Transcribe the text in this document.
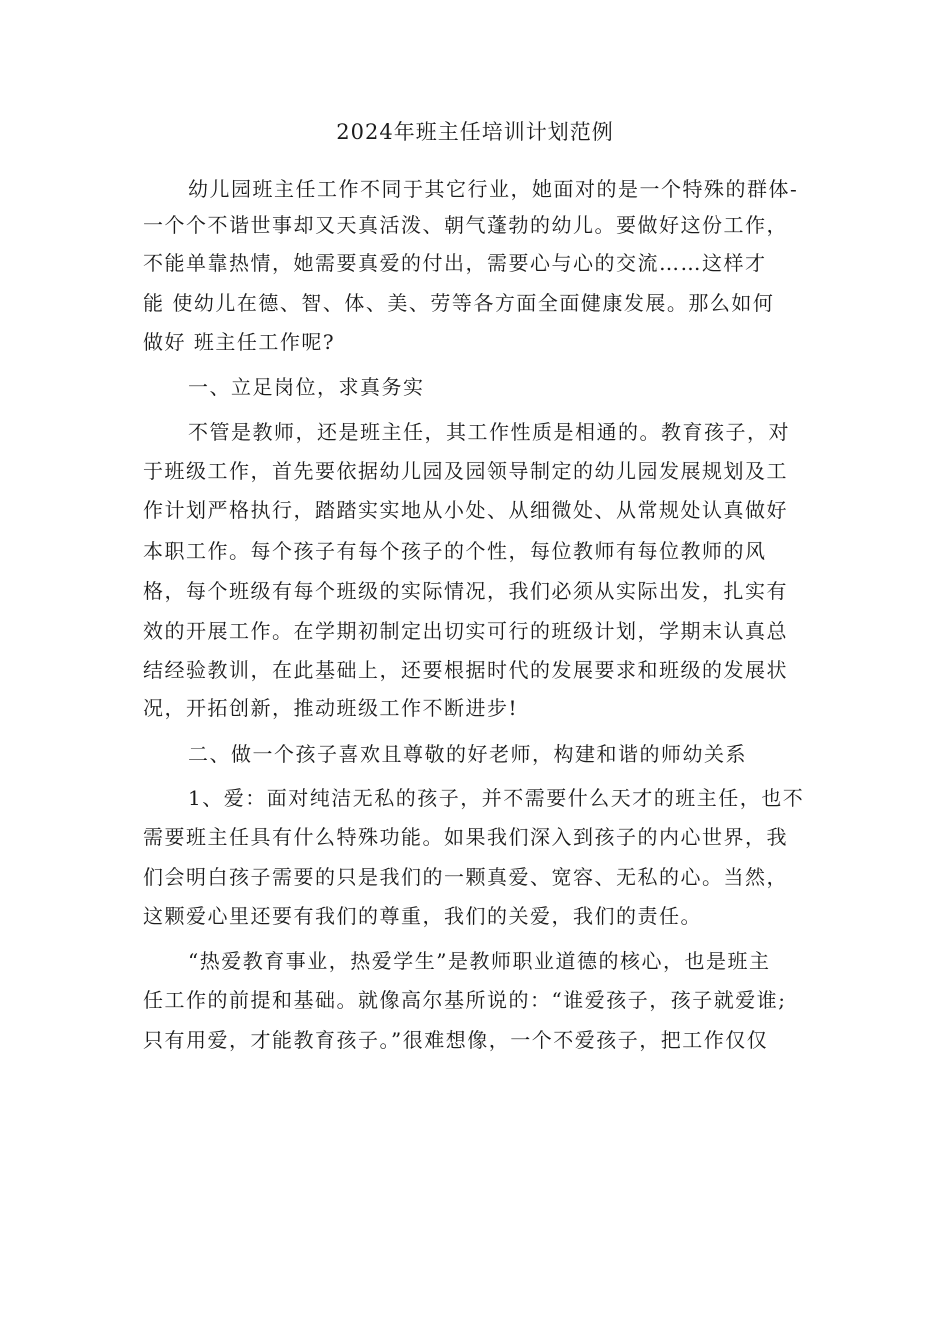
2024年班主任培训计划范例
幼儿园班主任工作不同于其它行业，她面对的是一个特殊的群体-
一个个不谐世事却又天真活泼、朝气蓬勃的幼儿。要做好这份工作，
不能单靠热情，她需要真爱的付出，需要心与心的交流……这样才
能 使幼儿在德、智、体、美、劳等各方面全面健康发展。那么如何
做好 班主任工作呢?
一、立足岗位，求真务实
不管是教师，还是班主任，其工作性质是相通的。教育孩子，对
于班级工作，首先要依据幼儿园及园领导制定的幼儿园发展规划及工
作计划严格执行，踏踏实实地从小处、从细微处、从常规处认真做好
本职工作。每个孩子有每个孩子的个性，每位教师有每位教师的风
格，每个班级有每个班级的实际情况，我们必须从实际出发，扎实有
效的开展工作。在学期初制定出切实可行的班级计划，学期末认真总
结经验教训，在此基础上，还要根据时代的发展要求和班级的发展状
况，开拓创新，推动班级工作不断进步!
二、做一个孩子喜欢且尊敬的好老师，构建和谐的师幼关系
1、爱：面对纯洁无私的孩子，并不需要什么天才的班主任，也不
需要班主任具有什么特殊功能。如果我们深入到孩子的内心世界，我
们会明白孩子需要的只是我们的一颗真爱、宽容、无私的心。当然，
这颗爱心里还要有我们的尊重，我们的关爱，我们的责任。
“热爱教育事业，热爱学生”是教师职业道德的核心，也是班主
任工作的前提和基础。就像高尔基所说的：“谁爱孩子，孩子就爱谁;
只有用爱，才能教育孩子。”很难想像，一个不爱孩子，把工作仅仅
